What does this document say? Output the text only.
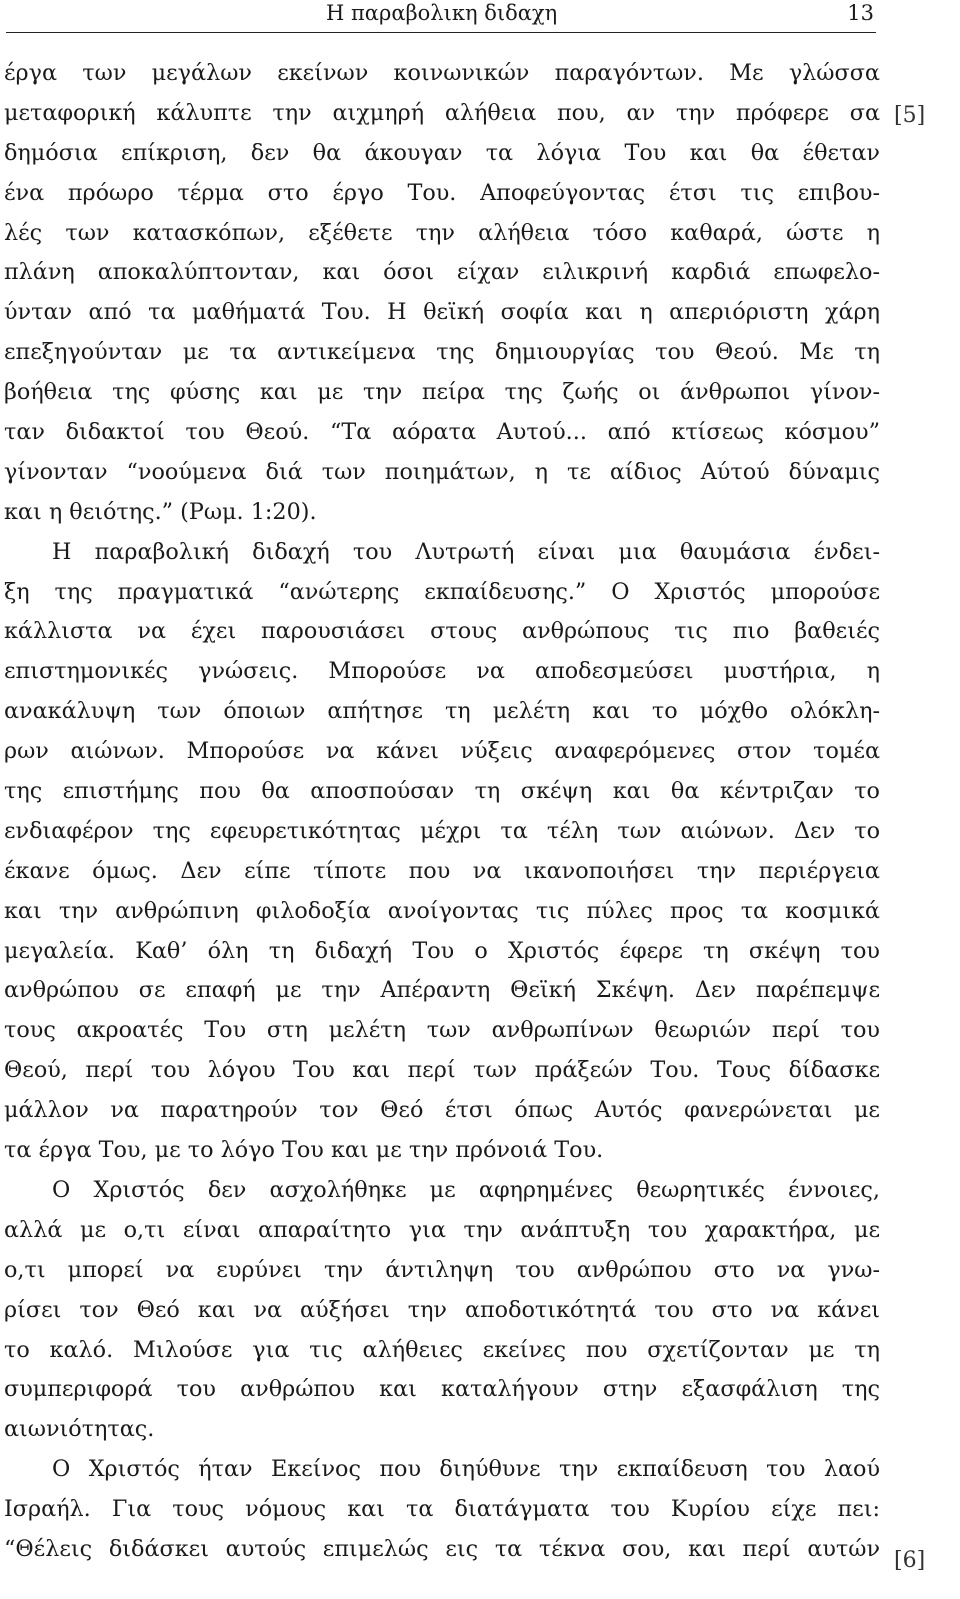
Η παραβολικη διδαχη	13
[5]
[6]
έργα των μεγάλων εκείνων κοινωνικών παραγόντων. Με γλώσσα
μεταφορική κάλυπτε την αιχμηρή αλήθεια που, αν την πρόφερε σα
δημόσια επίκριση, δεν θα άκουγαν τα λόγια Του και θα έθεταν
ένα πρόωρο τέρμα στο έργο Του. Αποφεύγοντας έτσι τις επιβου-
λές των κατασκόπων, εξέθετε την αλήθεια τόσο καθαρά, ώστε η
πλάνη αποκαλύπτονταν, και όσοι είχαν ειλικρινή καρδιά επωφελο-
ύνταν από τα μαθήματά Του. Η θεϊκή σοφία και η απεριόριστη χάρη
επεξηγούνταν με τα αντικείμενα της δημιουργίας του Θεού. Με τη
βοήθεια της φύσης και με την πείρα της ζωής οι άνθρωποι γίνον-
ταν διδακτοί του Θεού. “Τα αόρατα Αυτού... από κτίσεως κόσμου”
γίνονταν “νοούμενα διά των ποιημάτων, η τε αίδιος Αύτού δύναμις
και η θειότης.” (Ρωμ. 1:20).
Η παραβολική διδαχή του Λυτρωτή είναι μια θαυμάσια ένδει-
ξη της πραγματικά “ανώτερης εκπαίδευσης.” Ο Χριστός μπορούσε
κάλλιστα να έχει παρουσιάσει στους ανθρώπους τις πιο βαθειές
επιστημονικές γνώσεις. Μπορούσε να αποδεσμεύσει μυστήρια, η
ανακάλυψη των όποιων απήτησε τη μελέτη και το μόχθο ολόκλη-
ρων αιώνων. Μπορούσε να κάνει νύξεις αναφερόμενες στον τομέα
της επιστήμης που θα αποσπούσαν τη σκέψη και θα κέντριζαν το
ενδιαφέρον της εφευρετικότητας μέχρι τα τέλη των αιώνων. Δεν το
έκανε όμως. Δεν είπε τίποτε που να ικανοποιήσει την περιέργεια
και την ανθρώπινη φιλοδοξία ανοίγοντας τις πύλες προς τα κοσμικά
μεγαλεία. Καθ’ όλη τη διδαχή Του ο Χριστός έφερε τη σκέψη του
ανθρώπου σε επαφή με την Απέραντη Θεϊκή Σκέψη. Δεν παρέπεμψε
τους ακροατές Του στη μελέτη των ανθρωπίνων θεωριών περί του
Θεού, περί του λόγου Του και περί των πράξεών Του. Τους δίδασκε
μάλλον να παρατηρούν τον Θεό έτσι όπως Αυτός φανερώνεται με
τα έργα Του, με το λόγο Του και με την πρόνοιά Του.
Ο Χριστός δεν ασχολήθηκε με αφηρημένες θεωρητικές έννοιες,
αλλά με ο,τι είναι απαραίτητο για την ανάπτυξη του χαρακτήρα, με
ο,τι μπορεί να ευρύνει την άντιληψη του ανθρώπου στο να γνω-
ρίσει τον Θεό και να αύξήσει την αποδοτικότητά του στο να κάνει
το καλό. Μιλούσε για τις αλήθειες εκείνες που σχετίζονταν με τη
συμπεριφορά του ανθρώπου και καταλήγουν στην εξασφάλιση της
αιωνιότητας.
Ο Χριστός ήταν Εκείνος που διηύθυνε την εκπαίδευση του λαού
Ισραήλ. Για τους νόμους και τα διατάγματα του Κυρίου είχε πει:
“Θέλεις διδάσκει αυτούς επιμελώς εις τα τέκνα σου, και περί αυτών
